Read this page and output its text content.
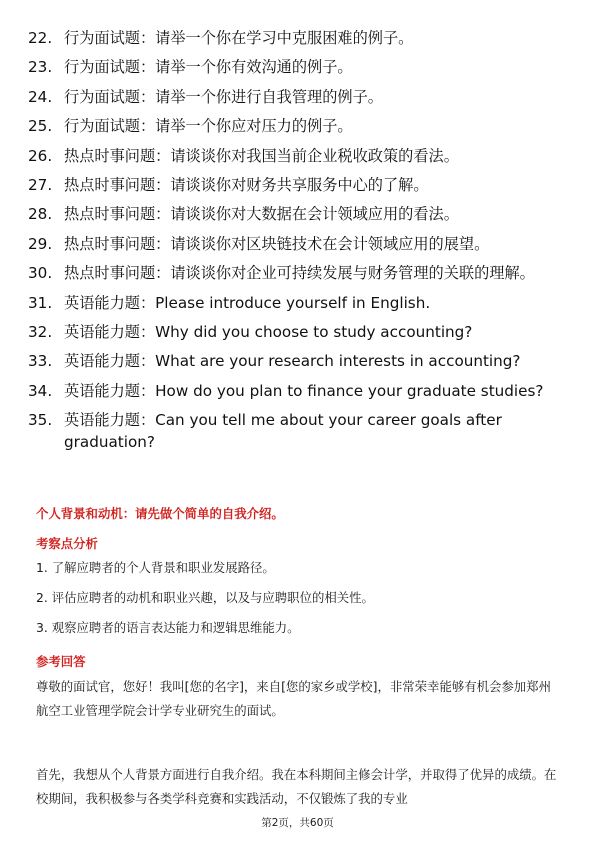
22. 行为面试题：请举一个你在学习中克服困难的例子。
23. 行为面试题：请举一个你有效沟通的例子。
24. 行为面试题：请举一个你进行自我管理的例子。
25. 行为面试题：请举一个你应对压力的例子。
26. 热点时事问题：请谈谈你对我国当前企业税收政策的看法。
27. 热点时事问题：请谈谈你对财务共享服务中心的了解。
28. 热点时事问题：请谈谈你对大数据在会计领域应用的看法。
29. 热点时事问题：请谈谈你对区块链技术在会计领域应用的展望。
30. 热点时事问题：请谈谈你对企业可持续发展与财务管理的关联的理解。
31. 英语能力题：Please introduce yourself in English.
32. 英语能力题：Why did you choose to study accounting?
33. 英语能力题：What are your research interests in accounting?
34. 英语能力题：How do you plan to finance your graduate studies?
35. 英语能力题：Can you tell me about your career goals after graduation?
个人背景和动机：请先做个简单的自我介绍。
考察点分析
1. 了解应聘者的个人背景和职业发展路径。
2. 评估应聘者的动机和职业兴趣，以及与应聘职位的相关性。
3. 观察应聘者的语言表达能力和逻辑思维能力。
参考回答
尊敬的面试官，您好！我叫[您的名字]，来自[您的家乡或学校]，非常荣幸能够有机会参加郑州航空工业管理学院会计学专业研究生的面试。
首先，我想从个人背景方面进行自我介绍。我在本科期间主修会计学，并取得了优异的成绩。在校期间，我积极参与各类学科竞赛和实践活动，不仅锻炼了我的专业
第2页，共60页
